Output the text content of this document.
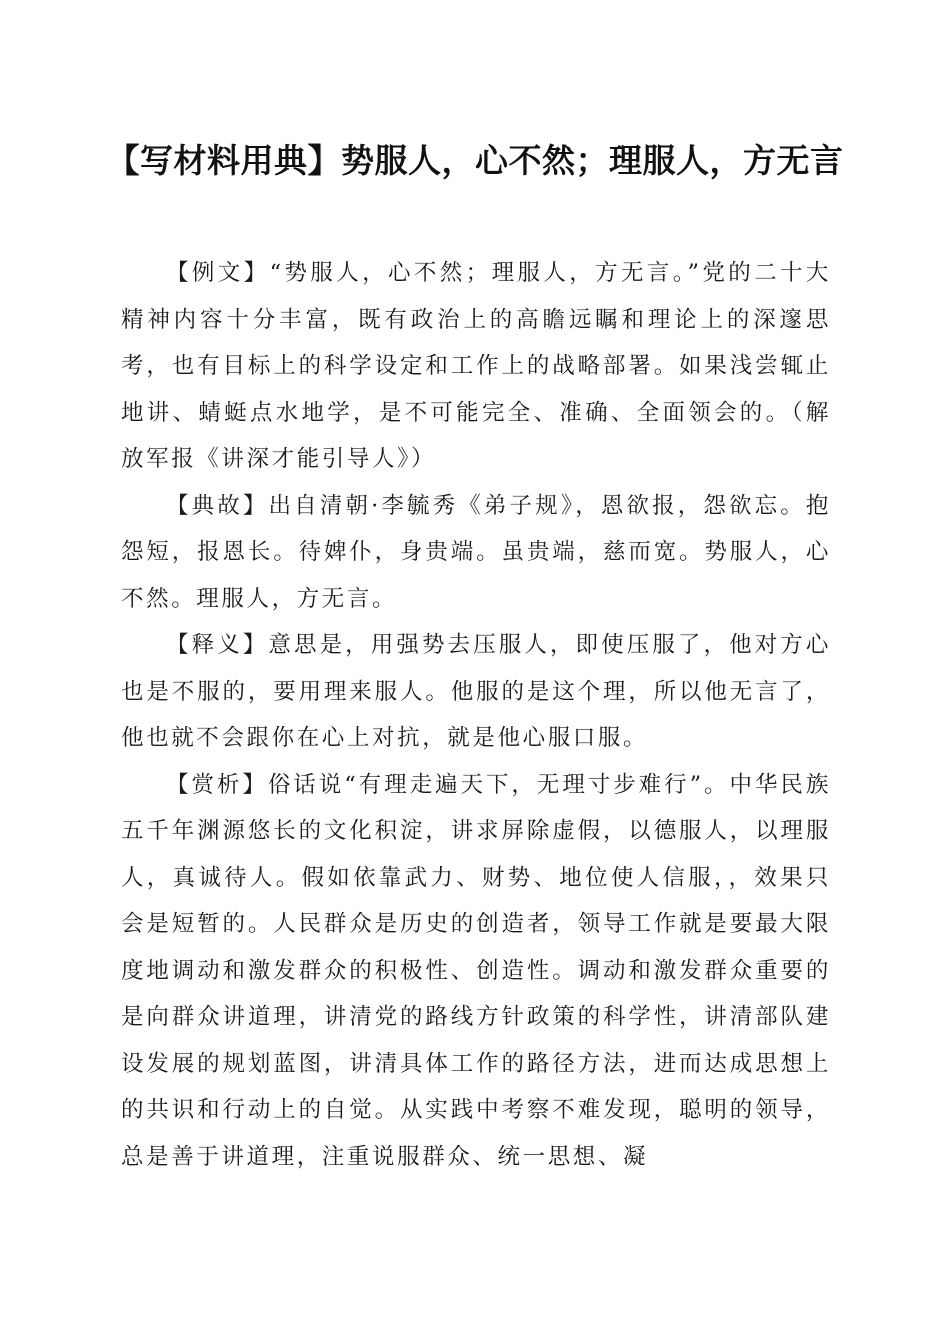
【写材料用典】势服人，心不然；理服人，方无言

【例文】“势服人，心不然；理服人，方无言。”党的二十大精神内容十分丰富，既有政治上的高瞻远瞩和理论上的深邃思考，也有目标上的科学设定和工作上的战略部署。如果浅尝辄止地讲、蜻蜓点水地学，是不可能完全、准确、全面领会的。（解放军报《讲深才能引导人》）

【典故】出自清朝·李毓秀《弟子规》，恩欲报，怨欲忘。抱怨短，报恩长。待婢仆，身贵端。虽贵端，慈而宽。势服人，心不然。理服人，方无言。

【释义】意思是，用强势去压服人，即使压服了，他对方心也是不服的，要用理来服人。他服的是这个理，所以他无言了，他也就不会跟你在心上对抗，就是他心服口服。

【赏析】俗话说“有理走遍天下，无理寸步难行”。中华民族五千年渊源悠长的文化积淀，讲求屏除虚假，以德服人，以理服人，真诚待人。假如依靠武力、财势、地位使人信服，，效果只会是短暂的。人民群众是历史的创造者，领导工作就是要最大限度地调动和激发群众的积极性、创造性。调动和激发群众重要的是向群众讲道理，讲清党的路线方针政策的科学性，讲清部队建设发展的规划蓝图，讲清具体工作的路径方法，进而达成思想上的共识和行动上的自觉。从实践中考察不难发现，聪明的领导，总是善于讲道理，注重说服群众、统一思想、凝
